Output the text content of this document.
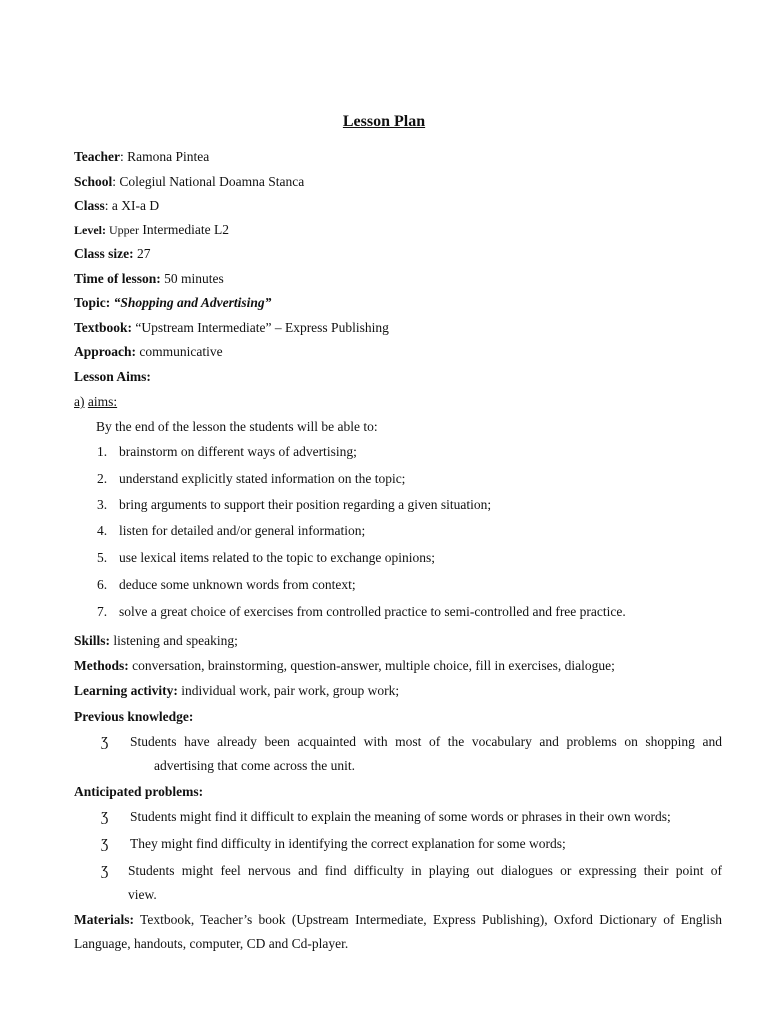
Lesson Plan
Teacher: Ramona Pintea
School: Colegiul National Doamna Stanca
Class: a XI-a D
Level: Upper Intermediate L2
Class size: 27
Time of lesson: 50 minutes
Topic: “Shopping and Advertising”
Textbook: “Upstream Intermediate” – Express Publishing
Approach: communicative
Lesson Aims:
a) aims:
By the end of the lesson the students will be able to:
1. brainstorm on different ways of advertising;
2. understand explicitly stated information on the topic;
3. bring arguments to support their position regarding a given situation;
4. listen for detailed and/or general information;
5. use lexical items related to the topic to exchange opinions;
6. deduce some unknown words from context;
7. solve a great choice of exercises from controlled practice to semi-controlled and free practice.
Skills: listening and speaking;
Methods: conversation, brainstorming, question-answer, multiple choice, fill in exercises, dialogue;
Learning activity: individual work, pair work, group work;
Previous knowledge:
Ʒ	Students have already been acquainted with most of the vocabulary and problems on shopping and
advertising that come across the unit.
Anticipated problems:
Ʒ	Students might find it difficult to explain the meaning of some words or phrases in their own words;
Ʒ	They might find difficulty in identifying the correct explanation for some words;
Ʒ	Students might feel nervous and find difficulty in playing out dialogues or expressing their point of
view.
Materials: Textbook, Teacher’s book (Upstream Intermediate, Express Publishing), Oxford Dictionary of English
Language, handouts, computer, CD and Cd-player.
